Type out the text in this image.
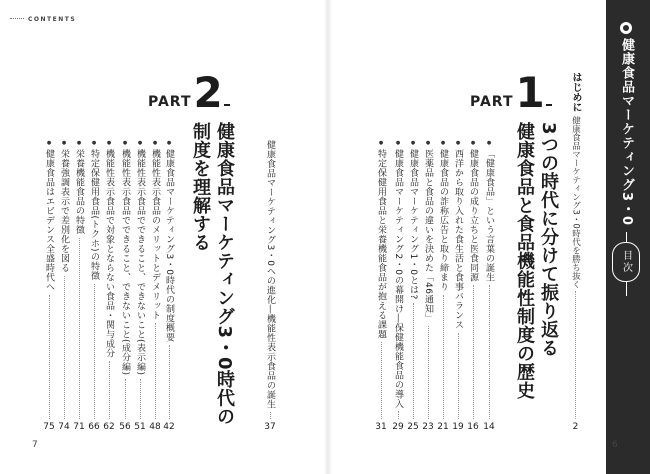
CONTENTS
健康食品マーケティング3・0
目次
7	6
はじめに
健康食品マーケティング3・0時代を勝ち抜く
2
PART 1
3つの時代に分けて振り返る
健康食品と食品機能性制度の歴史
●
「健康食品」という言葉の誕生
14
●
健康食品の成り立ちと医食同源
16
●
西洋から取り入れた食生活と食事バランス
19
●
健康食品の詐称広告と取り締まり
21
●
医薬品と食品の違いを決めた「46通知」
23
●
健康食品マーケティング1・0とは?
25
●
健康食品マーケティング2・0の幕開け―保健機能食品の導入
29
●
特定保健用食品と栄養機能食品が抱える課題
31
PART 2
健康食品マーケティング3・0への進化―機能性表示食品の誕生
37
健康食品マーケティング3・0時代の
制度を理解する
●
健康食品マーケティング3・0時代の制度概要
42
●
機能性表示食品のメリットとデメリット
48
●
機能性表示食品でできること、できないこと(表示編)
51
●
機能性表示食品でできること、できないこと(成分編)
56
●
機能性表示食品で対象とならない食品・関与成分
62
●
特定保健用食品(トクホ)の特徴
66
●
栄養機能食品の特徴
71
●
栄養強調表示で差別化を図る
74
●
健康食品はエビデンス全盛時代へ
75
